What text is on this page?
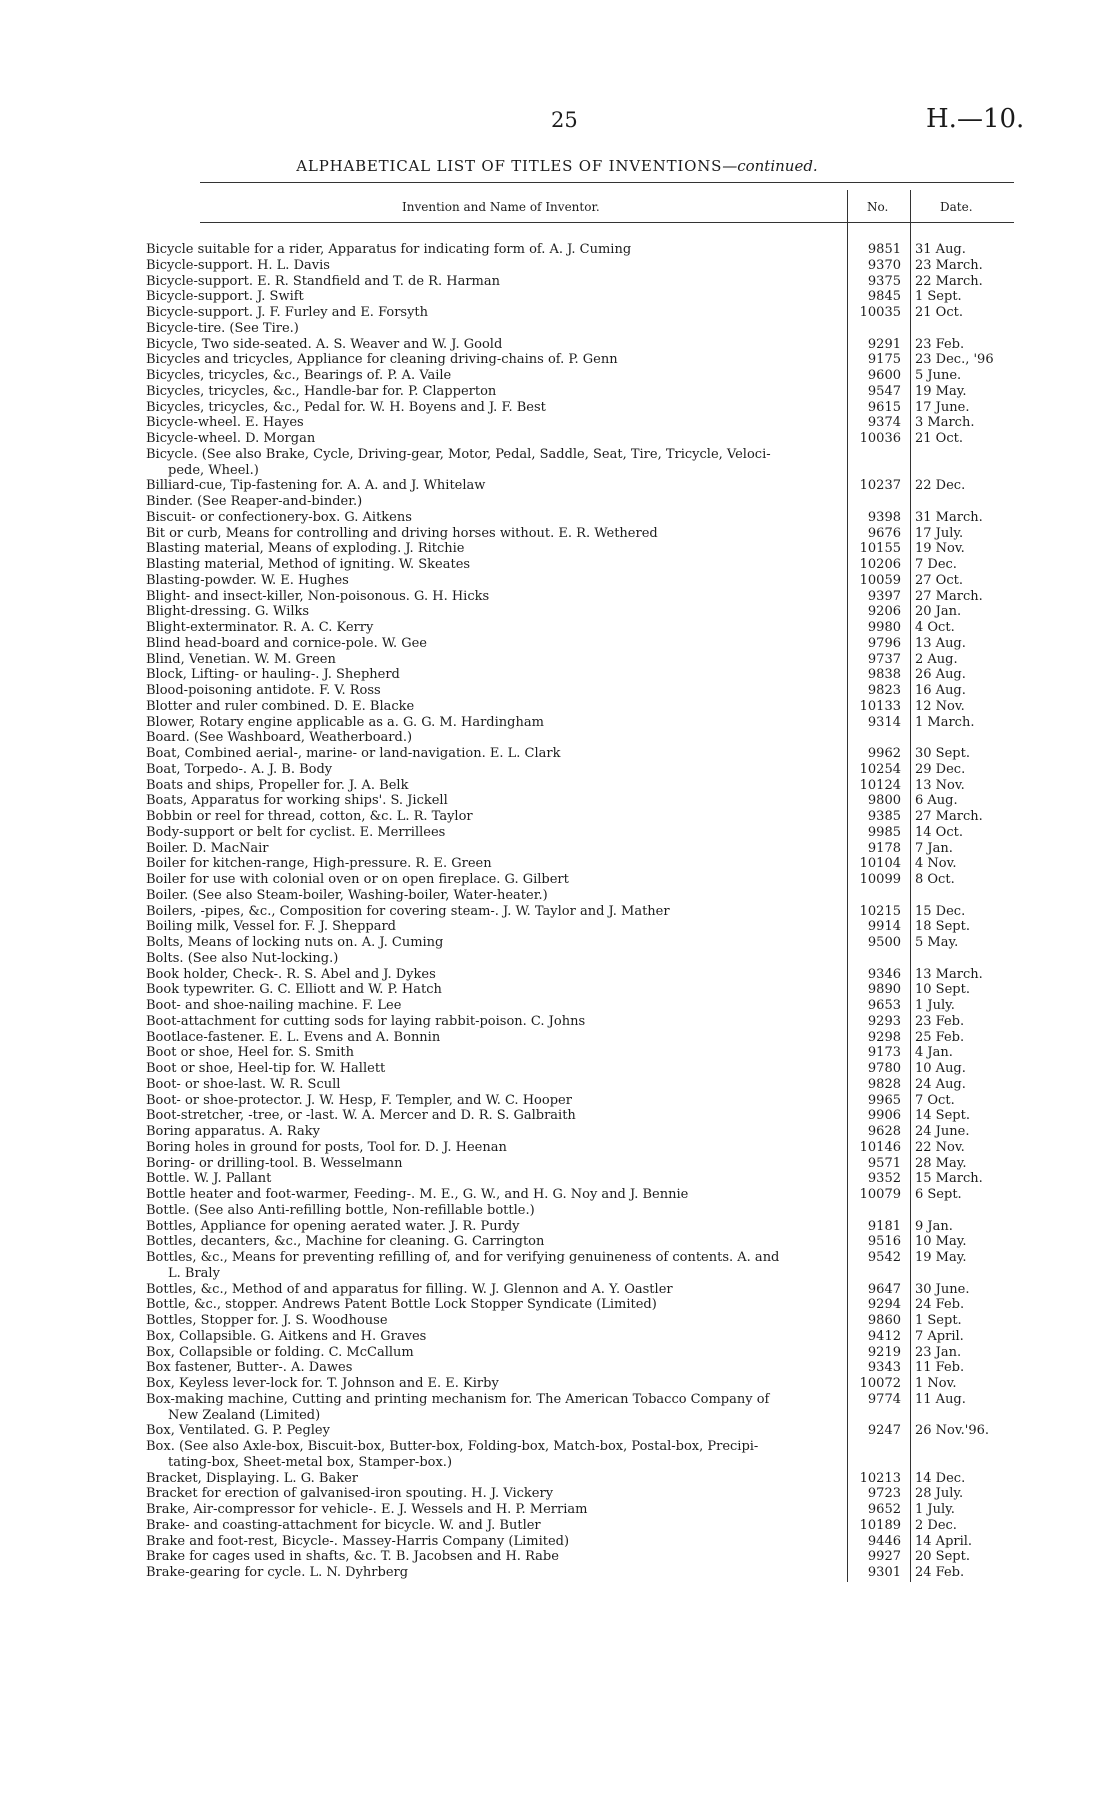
25	H.—10.
ALPHABETICAL LIST OF TITLES OF INVENTIONS—continued.
Invention and Name of Inventor.	No.	Date.
Bicycle suitable for a rider, Apparatus for indicating form of. A. J. Cuming	9851 31 Aug.
Bicycle-support. H. L. Davis	9370 23 March.
Bicycle-support. E. R. Standfield and T. de R. Harman	9375 22 March.
Bicycle-support. J. Swift	9845 1 Sept.
Bicycle-support. J. F. Furley and E. Forsyth	10035 21 Oct.
Bicycle-tire. (See Tire.)
Bicycle, Two side-seated. A. S. Weaver and W. J. Goold	9291 23 Feb.
Bicycles and tricycles, Appliance for cleaning driving-chains of. P. Genn	9175 23 Dec., '96
Bicycles, tricycles, &c., Bearings of. P. A. Vaile	9600 5 June.
Bicycles, tricycles, &c., Handle-bar for. P. Clapperton	9547 19 May.
Bicycles, tricycles, &c., Pedal for. W. H. Boyens and J. F. Best	9615 17 June.
Bicycle-wheel. E. Hayes	9374 3 March.
Bicycle-wheel. D. Morgan	10036 21 Oct.
Bicycle. (See also Brake, Cycle, Driving-gear, Motor, Pedal, Saddle, Seat, Tire, Tricycle, Veloci-
pede, Wheel.)
Billiard-cue, Tip-fastening for. A. A. and J. Whitelaw	10237 22 Dec.
Binder. (See Reaper-and-binder.)
Biscuit- or confectionery-box. G. Aitkens	9398 31 March.
Bit or curb, Means for controlling and driving horses without. E. R. Wethered	9676 17 July.
Blasting material, Means of exploding. J. Ritchie	10155 19 Nov.
Blasting material, Method of igniting. W. Skeates	10206 7 Dec.
Blasting-powder. W. E. Hughes	10059 27 Oct.
Blight- and insect-killer, Non-poisonous. G. H. Hicks	9397 27 March.
Blight-dressing. G. Wilks	9206 20 Jan.
Blight-exterminator. R. A. C. Kerry	9980 4 Oct.
Blind head-board and cornice-pole. W. Gee	9796 13 Aug.
Blind, Venetian. W. M. Green	9737 2 Aug.
Block, Lifting- or hauling-. J. Shepherd	9838 26 Aug.
Blood-poisoning antidote. F. V. Ross	9823 16 Aug.
Blotter and ruler combined. D. E. Blacke	10133 12 Nov.
Blower, Rotary engine applicable as a. G. G. M. Hardingham	9314 1 March.
Board. (See Washboard, Weatherboard.)
Boat, Combined aerial-, marine- or land-navigation. E. L. Clark	9962 30 Sept.
Boat, Torpedo-. A. J. B. Body	10254 29 Dec.
Boats and ships, Propeller for. J. A. Belk	10124 13 Nov.
Boats, Apparatus for working ships'. S. Jickell	9800 6 Aug.
Bobbin or reel for thread, cotton, &c. L. R. Taylor	9385 27 March.
Body-support or belt for cyclist. E. Merrillees	9985 14 Oct.
Boiler. D. MacNair	9178 7 Jan.
Boiler for kitchen-range, High-pressure. R. E. Green	10104 4 Nov.
Boiler for use with colonial oven or on open fireplace. G. Gilbert	10099 8 Oct.
Boiler. (See also Steam-boiler, Washing-boiler, Water-heater.)
Boilers, -pipes, &c., Composition for covering steam-. J. W. Taylor and J. Mather	10215 15 Dec.
Boiling milk, Vessel for. F. J. Sheppard	9914 18 Sept.
Bolts, Means of locking nuts on. A. J. Cuming	9500 5 May.
Bolts. (See also Nut-locking.)
Book holder, Check-. R. S. Abel and J. Dykes	9346 13 March.
Book typewriter. G. C. Elliott and W. P. Hatch	9890 10 Sept.
Boot- and shoe-nailing machine. F. Lee	9653 1 July.
Boot-attachment for cutting sods for laying rabbit-poison. C. Johns	9293 23 Feb.
Bootlace-fastener. E. L. Evens and A. Bonnin	9298 25 Feb.
Boot or shoe, Heel for. S. Smith	9173 4 Jan.
Boot or shoe, Heel-tip for. W. Hallett	9780 10 Aug.
Boot- or shoe-last. W. R. Scull	9828 24 Aug.
Boot- or shoe-protector. J. W. Hesp, F. Templer, and W. C. Hooper	9965 7 Oct.
Boot-stretcher, -tree, or -last. W. A. Mercer and D. R. S. Galbraith	9906 14 Sept.
Boring apparatus. A. Raky	9628 24 June.
Boring holes in ground for posts, Tool for. D. J. Heenan	10146 22 Nov.
Boring- or drilling-tool. B. Wesselmann	9571 28 May.
Bottle. W. J. Pallant	9352 15 March.
Bottle heater and foot-warmer, Feeding-. M. E., G. W., and H. G. Noy and J. Bennie	10079 6 Sept.
Bottle. (See also Anti-refilling bottle, Non-refillable bottle.)
Bottles, Appliance for opening aerated water. J. R. Purdy	9181 9 Jan.
Bottles, decanters, &c., Machine for cleaning. G. Carrington	9516 10 May.
Bottles, &c., Means for preventing refilling of, and for verifying genuineness of contents. A. and	9542 19 May.
L. Braly
Bottles, &c., Method of and apparatus for filling. W. J. Glennon and A. Y. Oastler	9647 30 June.
Bottle, &c., stopper. Andrews Patent Bottle Lock Stopper Syndicate (Limited)	9294 24 Feb.
Bottles, Stopper for. J. S. Woodhouse	9860 1 Sept.
Box, Collapsible. G. Aitkens and H. Graves	9412 7 April.
Box, Collapsible or folding. C. McCallum	9219 23 Jan.
Box fastener, Butter-. A. Dawes	9343 11 Feb.
Box, Keyless lever-lock for. T. Johnson and E. E. Kirby	10072 1 Nov.
Box-making machine, Cutting and printing mechanism for. The American Tobacco Company of	9774 11 Aug.
New Zealand (Limited)
Box, Ventilated. G. P. Pegley	9247 26 Nov.'96.
Box. (See also Axle-box, Biscuit-box, Butter-box, Folding-box, Match-box, Postal-box, Precipi-
tating-box, Sheet-metal box, Stamper-box.)
Bracket, Displaying. L. G. Baker	10213 14 Dec.
Bracket for erection of galvanised-iron spouting. H. J. Vickery	9723 28 July.
Brake, Air-compressor for vehicle-. E. J. Wessels and H. P. Merriam	9652 1 July.
Brake- and coasting-attachment for bicycle. W. and J. Butler	10189 2 Dec.
Brake and foot-rest, Bicycle-. Massey-Harris Company (Limited)	9446 14 April.
Brake for cages used in shafts, &c. T. B. Jacobsen and H. Rabe	9927 20 Sept.
Brake-gearing for cycle. L. N. Dyhrberg	9301 24 Feb.
